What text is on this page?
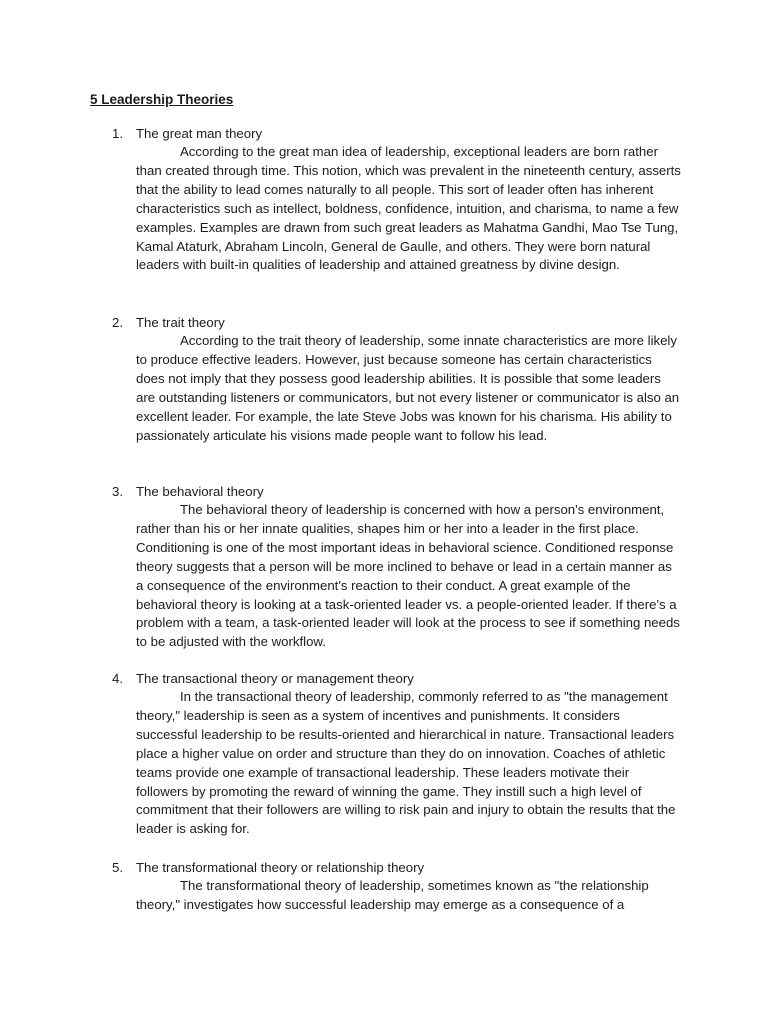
5 Leadership Theories
1. The great man theory

According to the great man idea of leadership, exceptional leaders are born rather than created through time. This notion, which was prevalent in the nineteenth century, asserts that the ability to lead comes naturally to all people. This sort of leader often has inherent characteristics such as intellect, boldness, confidence, intuition, and charisma, to name a few examples. Examples are drawn from such great leaders as Mahatma Gandhi, Mao Tse Tung, Kamal Ataturk, Abraham Lincoln, General de Gaulle, and others. They were born natural leaders with built-in qualities of leadership and attained greatness by divine design.

2. The trait theory

According to the trait theory of leadership, some innate characteristics are more likely to produce effective leaders. However, just because someone has certain characteristics does not imply that they possess good leadership abilities. It is possible that some leaders are outstanding listeners or communicators, but not every listener or communicator is also an excellent leader. For example, the late Steve Jobs was known for his charisma. His ability to passionately articulate his visions made people want to follow his lead.

3. The behavioral theory

The behavioral theory of leadership is concerned with how a person's environment, rather than his or her innate qualities, shapes him or her into a leader in the first place. Conditioning is one of the most important ideas in behavioral science. Conditioned response theory suggests that a person will be more inclined to behave or lead in a certain manner as a consequence of the environment's reaction to their conduct. A great example of the behavioral theory is looking at a task-oriented leader vs. a people-oriented leader. If there's a problem with a team, a task-oriented leader will look at the process to see if something needs to be adjusted with the workflow.

4. The transactional theory or management theory

In the transactional theory of leadership, commonly referred to as "the management theory," leadership is seen as a system of incentives and punishments. It considers successful leadership to be results-oriented and hierarchical in nature. Transactional leaders place a higher value on order and structure than they do on innovation. Coaches of athletic teams provide one example of transactional leadership. These leaders motivate their followers by promoting the reward of winning the game. They instill such a high level of commitment that their followers are willing to risk pain and injury to obtain the results that the leader is asking for.

5. The transformational theory or relationship theory

The transformational theory of leadership, sometimes known as "the relationship theory," investigates how successful leadership may emerge as a consequence of a
